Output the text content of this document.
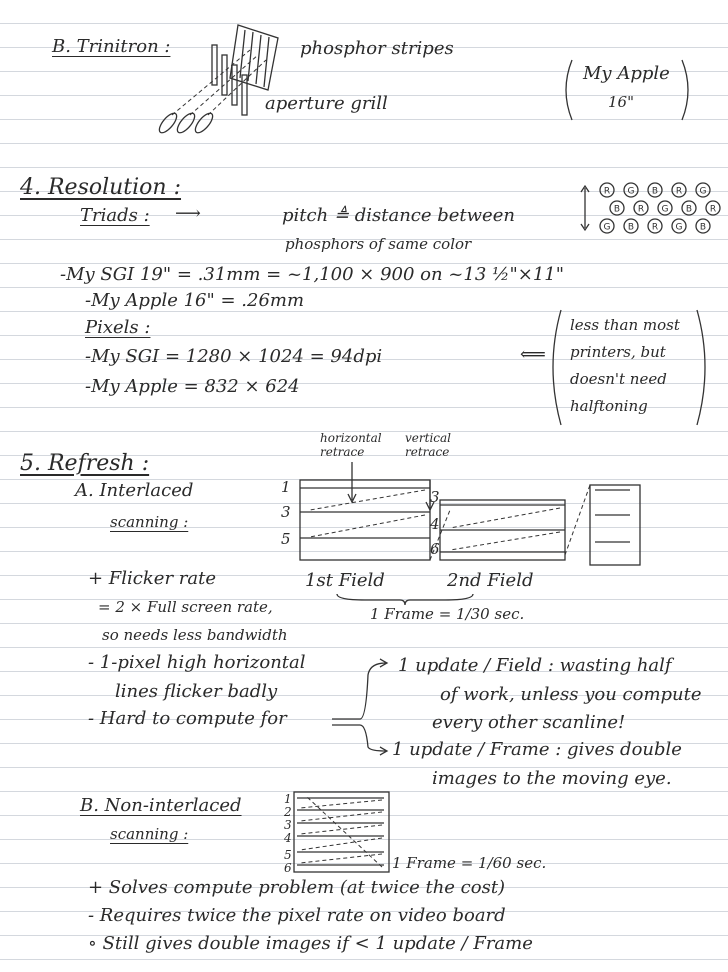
B. Trinitron :	phosphor stripes
aperture grill
My Apple
16"
4. Resolution :
Triads : ⟶	pitch ≜ distance between
phosphors of same color
R G B R G
B R G B R
G B R G B
-My SGI 19" = .31mm = ~1,100 × 900 on ~13 ½"×11"
-My Apple 16" = .26mm
Pixels :
-My SGI = 1280 × 1024 = 94dpi
-My Apple = 832 × 624
⟸
less than most
printers, but
doesn't need
halftoning
5. Refresh :
A. Interlaced
scanning :
horizontal
retrace
vertical
retrace
1
3
5
3
4
6
1st Field	2nd Field
1 Frame = 1/30 sec.
+ Flicker rate
= 2 × Full screen rate,
so needs less bandwidth
- 1-pixel high horizontal
lines flicker badly
- Hard to compute for
1 update / Field : wasting half
of work, unless you compute
every other scanline!
1 update / Frame : gives double
images to the moving eye.
B. Non-interlaced
scanning :
1
2
3
4
5
6	1 Frame = 1/60 sec.
+ Solves compute problem (at twice the cost)
- Requires twice the pixel rate on video board
∘ Still gives double images if < 1 update / Frame
